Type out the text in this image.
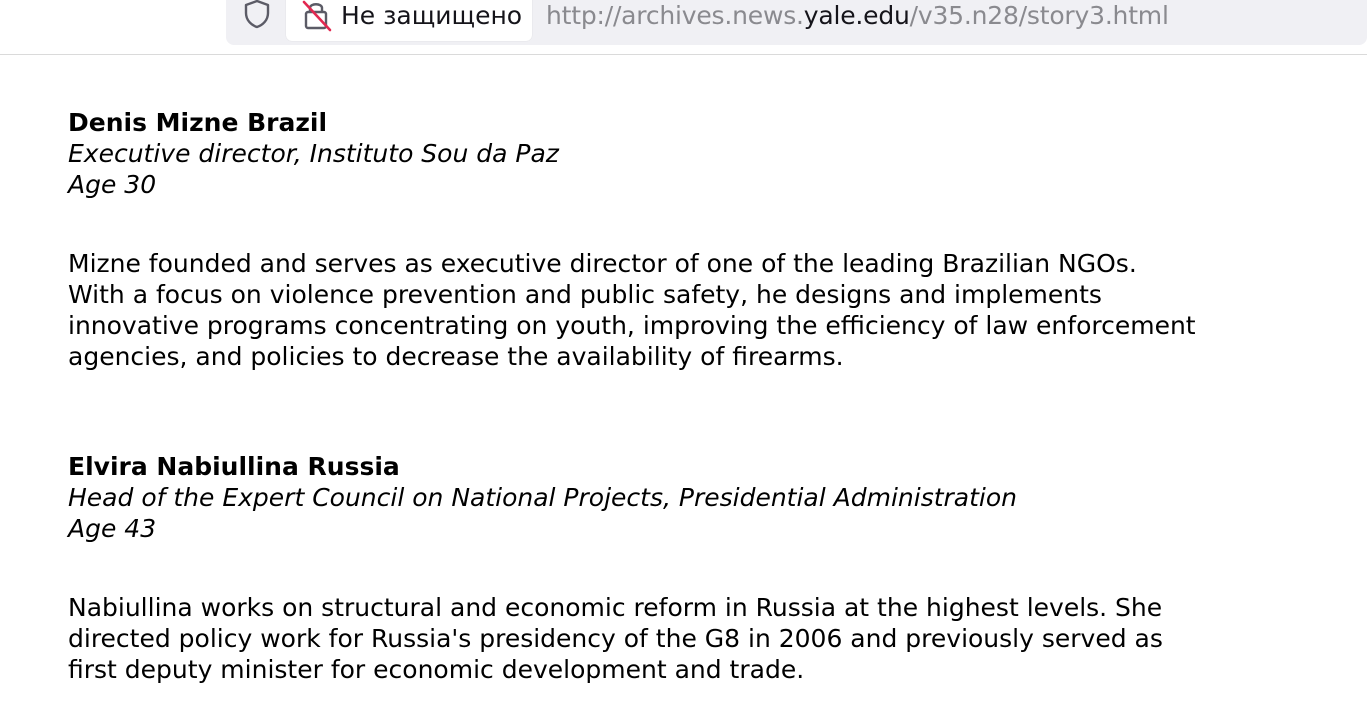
Не защищено http://archives.news.yale.edu/v35.n28/story3.html
Denis Mizne Brazil
Executive director, Instituto Sou da Paz
Age 30
Mizne founded and serves as executive director of one of the leading Brazilian NGOs. With a focus on violence prevention and public safety, he designs and implements innovative programs concentrating on youth, improving the efficiency of law enforcement agencies, and policies to decrease the availability of firearms.
Elvira Nabiullina Russia
Head of the Expert Council on National Projects, Presidential Administration
Age 43
Nabiullina works on structural and economic reform in Russia at the highest levels. She directed policy work for Russia's presidency of the G8 in 2006 and previously served as first deputy minister for economic development and trade.
